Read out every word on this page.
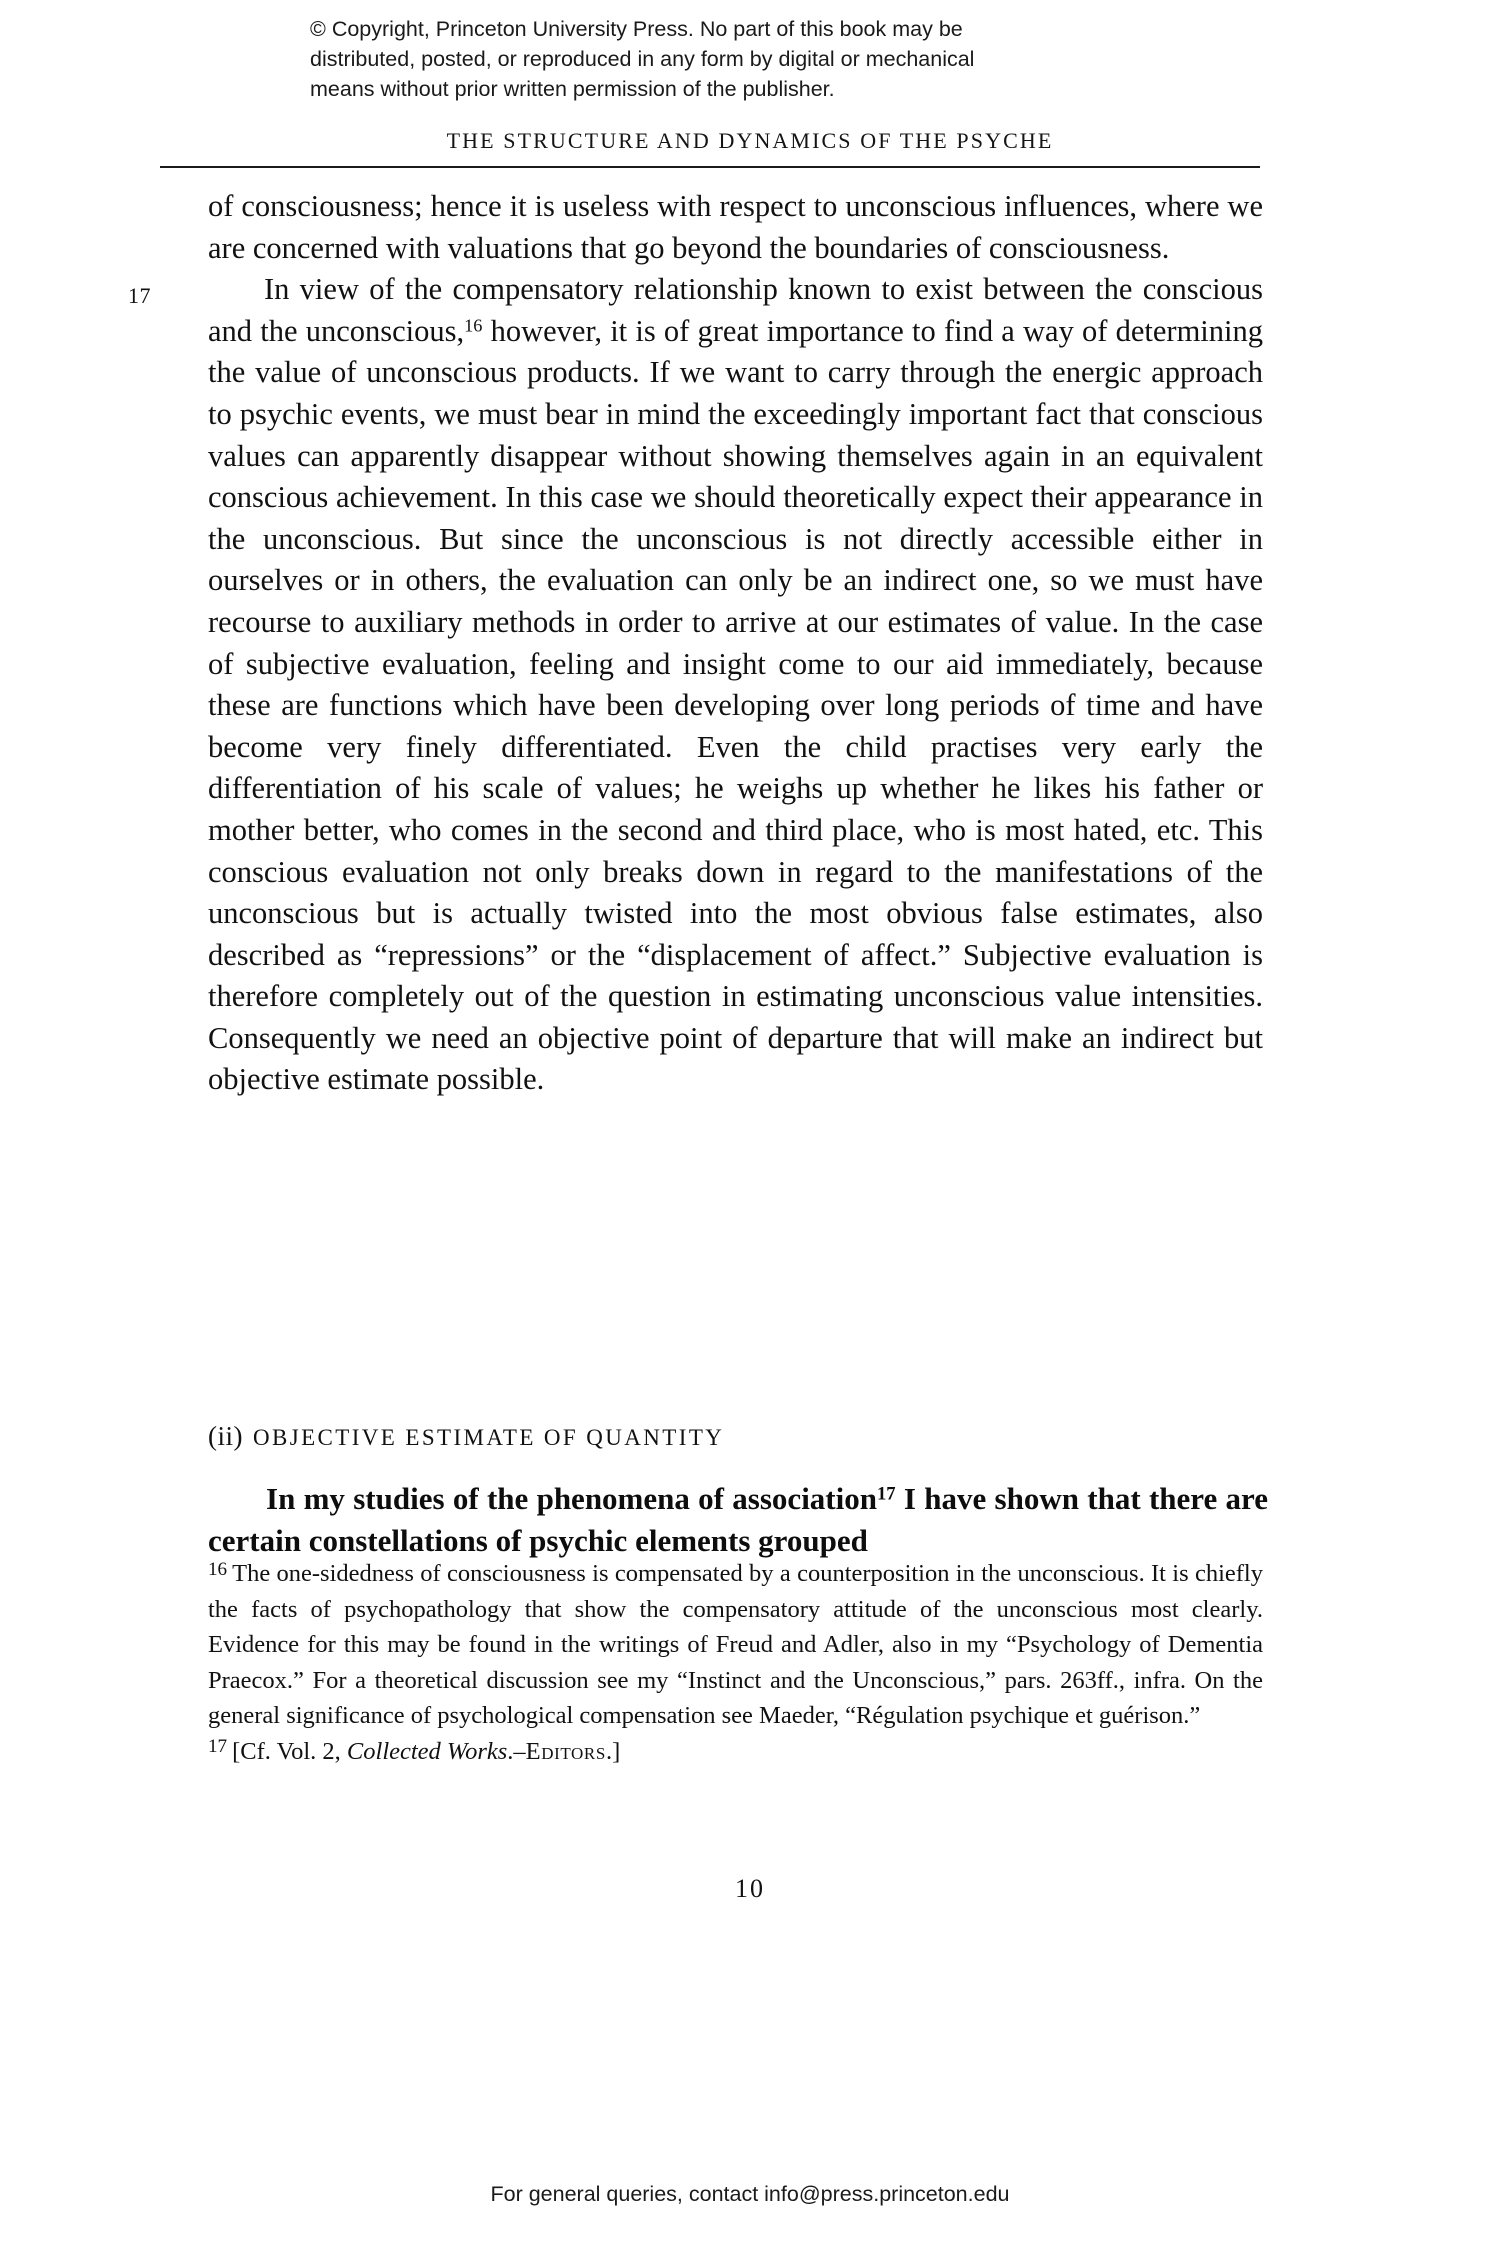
© Copyright, Princeton University Press. No part of this book may be
distributed, posted, or reproduced in any form by digital or mechanical
means without prior written permission of the publisher.
THE STRUCTURE AND DYNAMICS OF THE PSYCHE

of consciousness; hence it is useless with respect to unconscious influences, where we are concerned with valuations that go beyond the boundaries of consciousness.

17	In view of the compensatory relationship known to exist between the conscious and the unconscious,$^{16}$ however, it is of great importance to find a way of determining the value of unconscious products. If we want to carry through the energic approach to psychic events, we must bear in mind the exceedingly important fact that conscious values can apparently disappear without showing themselves again in an equivalent conscious achievement. In this case we should theoretically expect their appearance in the unconscious. But since the unconscious is not directly accessible either in ourselves or in others, the evaluation can only be an indirect one, so we must have recourse to auxiliary methods in order to arrive at our estimates of value. In the case of subjective evaluation, feeling and insight come to our aid immediately, because these are functions which have been developing over long periods of time and have become very finely differentiated. Even the child practises very early the differentiation of his scale of values; he weighs up whether he likes his father or mother better, who comes in the second and third place, who is most hated, etc. This conscious evaluation not only breaks down in regard to the manifestations of the unconscious but is actually twisted into the most obvious false estimates, also described as “repressions” or the “displacement of affect.” Subjective evaluation is therefore completely out of the question in estimating unconscious value intensities. Consequently we need an objective point of departure that will make an indirect but objective estimate possible.

(ii) OBJECTIVE ESTIMATE OF QUANTITY

In my studies of the phenomena of association$^{17}$ I have shown that there are certain constellations of psychic elements grouped

$^{16}$ The one-sidedness of consciousness is compensated by a counterposition in the unconscious. It is chiefly the facts of psychopathology that show the compensatory attitude of the unconscious most clearly. Evidence for this may be found in the writings of Freud and Adler, also in my “Psychology of Dementia Praecox.” For a theoretical discussion see my “Instinct and the Unconscious,” pars. 263ff., infra. On the general significance of psychological compensation see Maeder, “Régulation psychique et guérison.”

$^{17}$ [Cf. Vol. 2, Collected Works.–Editors.]

10
For general queries, contact info@press.princeton.edu
